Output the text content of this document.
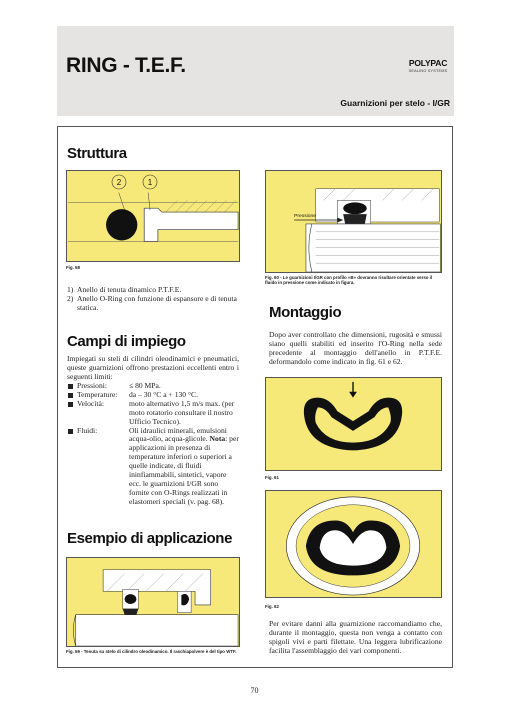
RING - T.E.F.	POLYPAC
SEALING SYSTEMS
Guarnizioni per stelo - I/GR
Struttura
2	1
Fig. 58
1) Anello di tenuta dinamico P.T.F.E.
2) Anello O-Ring con funzione di espansore e di tenuta statica.
Campi di impiego
Impiegati su steli di cilindri oleodinamici e pneumatici, queste guarnizioni offrono prestazioni eccellenti entro i seguenti limiti:
Pressioni:	≤ 80 MPa.
Temperature: da – 30 °C a + 130 °C.
Velocità:	moto alternativo 1,5 m/s max. (per moto rotatorio consultare il nostro Ufficio Tecnico).
Fluidi:	Oli idraulici minerali, emulsioni acqua-olio, acqua-glicole. Nota: per applicazioni in presenza di temperature inferiori o superiori a quelle indicate, di fluidi ininfiammabili, sintetici, vapore ecc. le guarnizioni I/GR sono fornite con O-Rings realizzati in elastomeri speciali (v. pag. 68).
Esempio di applicazione
Fig. 59 - Tenuta su stelo di cilindro oleodinamico. Il raschiapolvere è del tipo WTF.
Pressione
Fig. 60 - Le guarnizioni I/GR con profilo «B» dovranno risultare orientate verso il fluido in pressione come indicato in figura.
Montaggio
Dopo aver controllato che dimensioni, rugosità e smussi siano quelli stabiliti ed inserito l'O-Ring nella sede precedente al montaggio dell'anello in P.T.F.E. deformandolo come indicato in fig. 61 e 62.
Fig. 61
Fig. 62
Per evitare danni alla guarnizione raccomandiamo che, durante il montaggio, questa non venga a contatto con spigoli vivi e parti filettate. Una leggera lubrificazione facilita l'assemblaggio dei vari componenti.
70
